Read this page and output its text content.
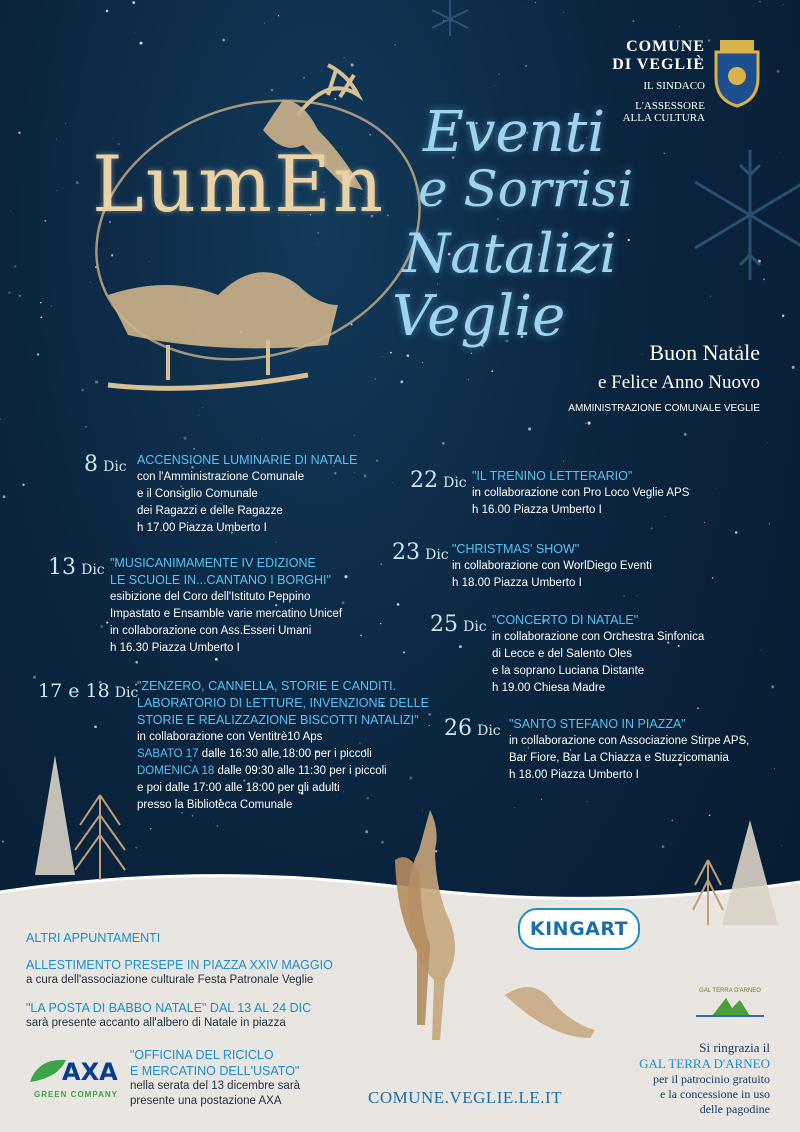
COMUNE
DI VEGLIÈ
IL SINDACO
L'ASSESSORE
ALLA CULTURA
LumEn
Eventi
e Sorrisi
Natalizi
Veglie
Buon Natale
e Felice Anno Nuovo
AMMINISTRAZIONE COMUNALE VEGLIE
8 Dic ACCENSIONE LUMINARIE DI NATALE
con l'Amministrazione Comunale
e il Consiglio Comunale
dei Ragazzi e delle Ragazze
h 17.00 Piazza Umberto I
13 Dic "MUSICANIMAMENTE IV EDIZIONE
LE SCUOLE IN...CANTANO I BORGHI"
esibizione del Coro dell'Istituto Peppino
Impastato e Ensamble varie mercatino Unicef
in collaborazione con Ass.Esseri Umani
h 16.30 Piazza Umberto I
17 e 18 Dic
"ZENZERO, CANNELLA, STORIE E CANDITI.
LABORATORIO DI LETTURE, INVENZIONE DELLE
STORIE E REALIZZAZIONE BISCOTTI NATALIZI"
in collaborazione con Ventitrè10 Aps
SABATO 17 dalle 16:30 alle 18:00 per i piccoli
DOMENICA 18 dalle 09:30 alle 11:30 per i piccoli
e poi dalle 17:00 alle 18:00 per gli adulti
presso la Biblioteca Comunale
22 Dic "IL TRENINO LETTERARIO"
in collaborazione con Pro Loco Veglie APS
h 16.00 Piazza Umberto I
23 Dic "CHRISTMAS' SHOW"
in collaborazione con WorlDiego Eventi
h 18.00 Piazza Umberto I
25 Dic "CONCERTO DI NATALE"
in collaborazione con Orchestra Sinfonica
di Lecce e del Salento Oles
e la soprano Luciana Distante
h 19.00 Chiesa Madre
26 Dic "SANTO STEFANO IN PIAZZA"
in collaborazione con Associazione Stirpe APS,
Bar Fiore, Bar La Chiazza e Stuzzicomania
h 18.00 Piazza Umberto I
KINGART
GAL TERRA D'ARNEO
ALTRI APPUNTAMENTI
ALLESTIMENTO PRESEPE IN PIAZZA XXIV MAGGIO
a cura dell'associazione culturale Festa Patronale Veglie
"LA POSTA DI BABBO NATALE" DAL 13 AL 24 DIC
sarà presente accanto all'albero di Natale in piazza
"OFFICINA DEL RICICLO
E MERCATINO DELL'USATO"
nella serata del 13 dicembre sarà
presente una postazione AXA
AXA
GREEN COMPANY
Si ringrazia il
GAL TERRA D'ARNEO
per il patrocinio gratuito
e la concessione in uso
delle pagodine
COMUNE.VEGLIE.LE.IT
